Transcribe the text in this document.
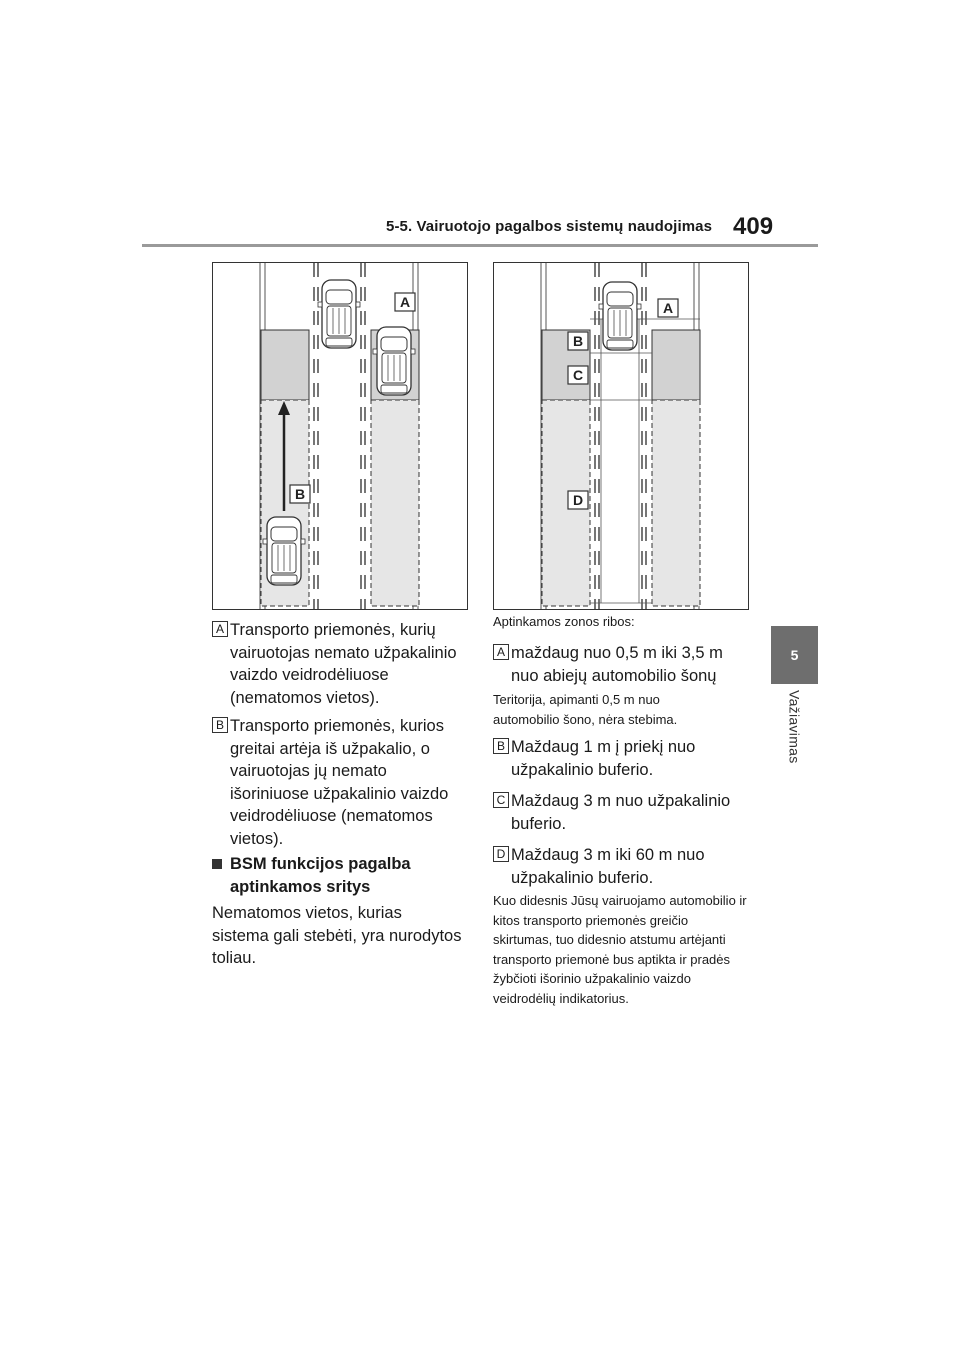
5-5. Vairuotojo pagalbos sistemų naudojimas 409
5
Važiavimas
A
B
A
B
C
D
A Transporto priemonės, kurių vairuotojas nemato užpakalinio vaizdo veidrodėliuose (nematomos vietos).
B Transporto priemonės, kurios greitai artėja iš užpakalio, o vairuotojas jų nemato išoriniuose užpakalinio vaizdo veidrodėliuose (nematomos vietos).
BSM funkcijos pagalba aptinkamos sritys
Nematomos vietos, kurias sistema gali stebėti, yra nurodytos toliau.
Aptinkamos zonos ribos:
A maždaug nuo 0,5 m iki 3,5 m nuo abiejų automobilio šonų
Teritorija, apimanti 0,5 m nuo automobilio šono, nėra stebima.
B Maždaug 1 m į priekį nuo užpakalinio buferio.
C Maždaug 3 m nuo užpakalinio buferio.
D Maždaug 3 m iki 60 m nuo užpakalinio buferio.
Kuo didesnis Jūsų vairuojamo automobilio ir kitos transporto priemonės greičio skirtumas, tuo didesnio atstumu artėjanti transporto priemonė bus aptikta ir pradės žybčioti išorinio užpakalinio vaizdo veidrodėlių indikatorius.
